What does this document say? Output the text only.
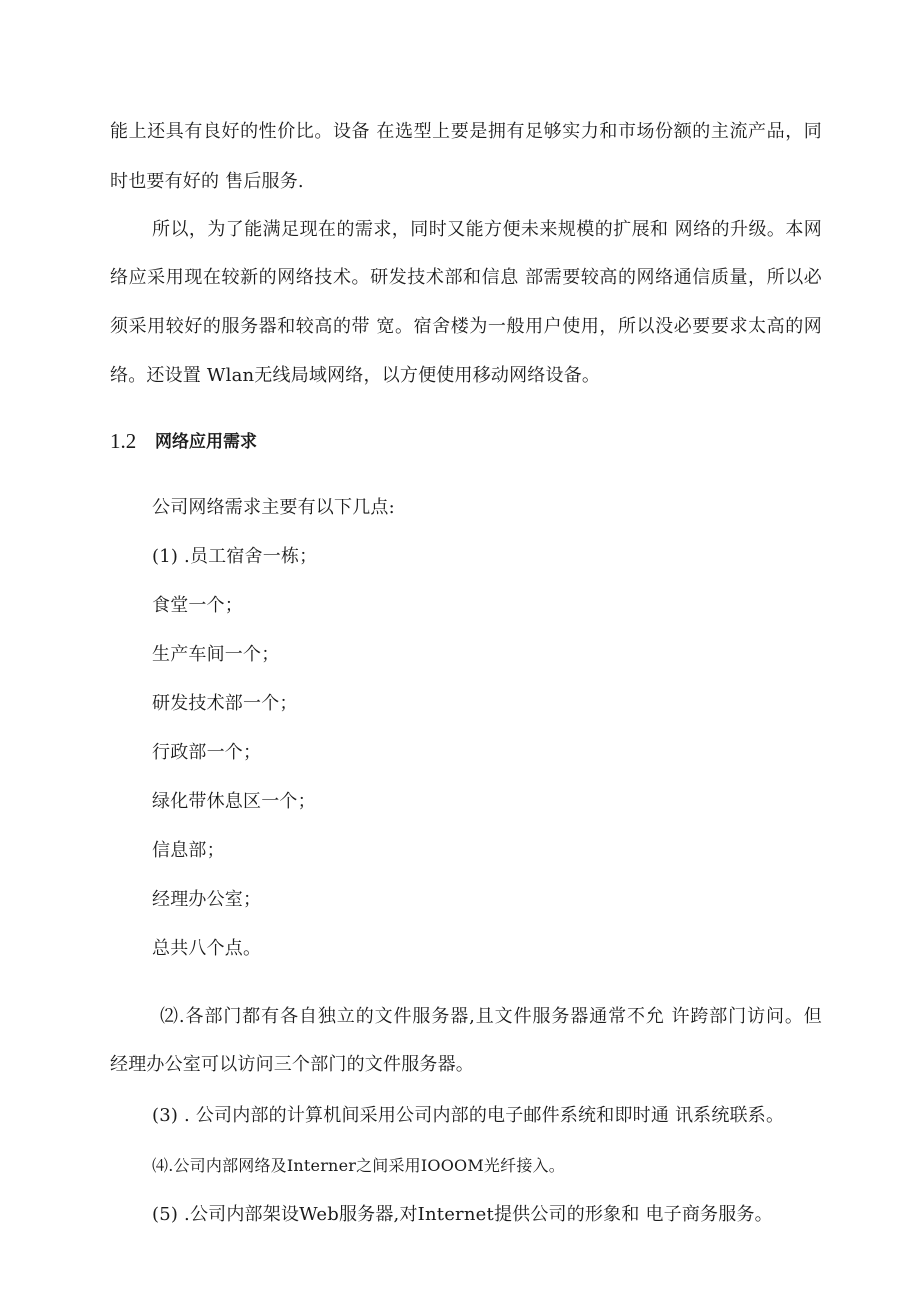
能上还具有良好的性价比。设备 在选型上要是拥有足够实力和市场份额的主流产品，同
时也要有好的 售后服务.
所以，为了能满足现在的需求，同时又能方便未来规模的扩展和 网络的升级。本网
络应采用现在较新的网络技术。研发技术部和信息 部需要较高的网络通信质量，所以必
须采用较好的服务器和较高的带 宽。宿舍楼为一般用户使用，所以没必要要求太高的网
络。还设置 Wlan无线局域网络，以方便使用移动网络设备。
1.2 网络应用需求
公司网络需求主要有以下几点:
(1) .员工宿舍一栋；
食堂一个；
生产车间一个；
研发技术部一个；
行政部一个；
绿化带休息区一个；
信息部；
经理办公室；
总共八个点。
⑵.各部门都有各自独立的文件服务器,且文件服务器通常不允 许跨部门访问。但
经理办公室可以访问三个部门的文件服务器。
(3) . 公司内部的计算机间采用公司内部的电子邮件系统和即时通 讯系统联系。
⑷.公司内部网络及Interner之间采用IOOOM光纤接入。
(5) .公司内部架设Web服务器,对Internet提供公司的形象和 电子商务服务。
